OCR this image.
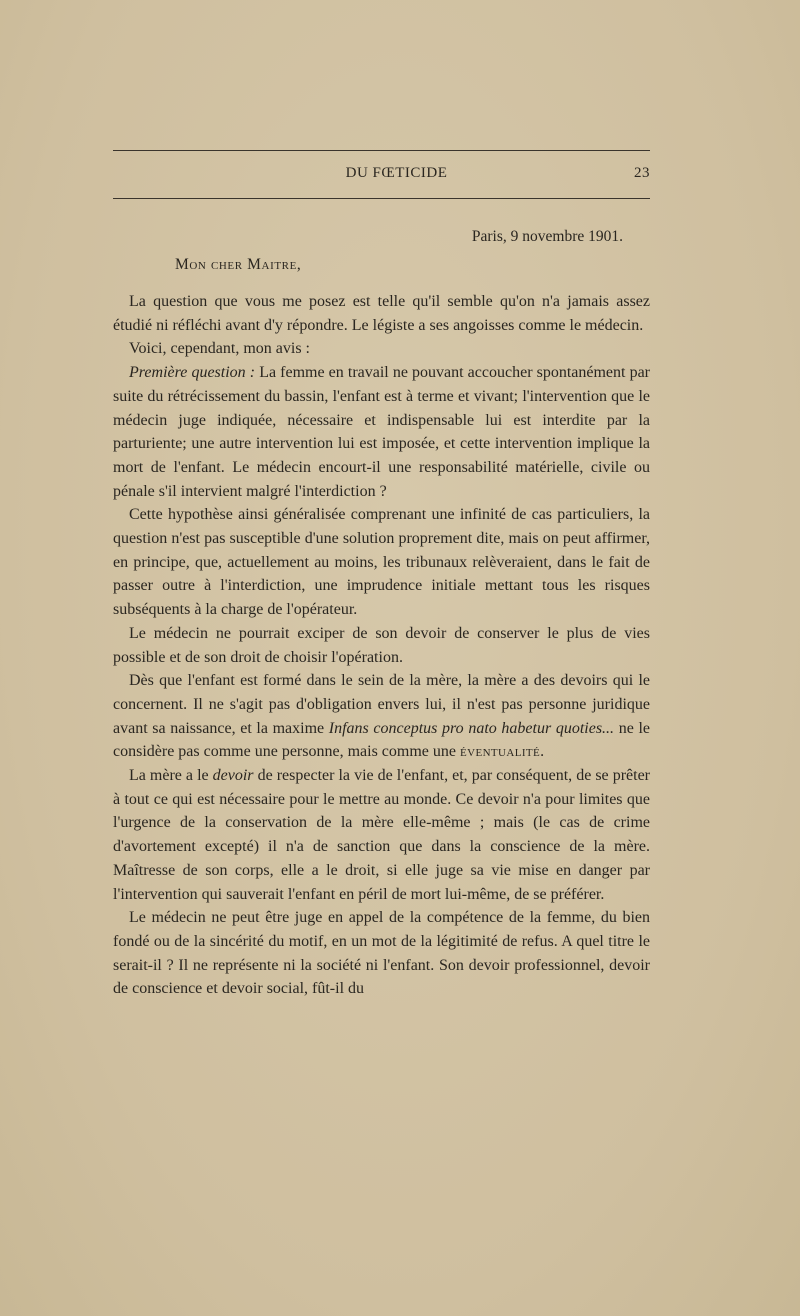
DU FŒTICIDE	23
Paris, 9 novembre 1901.
Mon cher Maitre,

La question que vous me posez est telle qu'il semble qu'on n'a jamais assez étudié ni réfléchi avant d'y répondre. Le légiste a ses angoisses comme le médecin.

Voici, cependant, mon avis :

Première question : La femme en travail ne pouvant accoucher spontanément par suite du rétrécissement du bassin, l'enfant est à terme et vivant; l'intervention que le médecin juge indiquée, nécessaire et indispensable lui est interdite par la parturiente; une autre intervention lui est imposée, et cette intervention implique la mort de l'enfant. Le médecin encourt-il une responsabilité matérielle, civile ou pénale s'il intervient malgré l'interdiction ?

Cette hypothèse ainsi généralisée comprenant une infinité de cas particuliers, la question n'est pas susceptible d'une solution proprement dite, mais on peut affirmer, en principe, que, actuellement au moins, les tribunaux relèveraient, dans le fait de passer outre à l'interdiction, une imprudence initiale mettant tous les risques subséquents à la charge de l'opérateur.

Le médecin ne pourrait exciper de son devoir de conserver le plus de vies possible et de son droit de choisir l'opération.

Dès que l'enfant est formé dans le sein de la mère, la mère a des devoirs qui le concernent. Il ne s'agit pas d'obligation envers lui, il n'est pas personne juridique avant sa naissance, et la maxime Infans conceptus pro nato habetur quoties... ne le considère pas comme une personne, mais comme une éventualité.

La mère a le devoir de respecter la vie de l'enfant, et, par conséquent, de se prêter à tout ce qui est nécessaire pour le mettre au monde. Ce devoir n'a pour limites que l'urgence de la conservation de la mère elle-même ; mais (le cas de crime d'avortement excepté) il n'a de sanction que dans la conscience de la mère. Maîtresse de son corps, elle a le droit, si elle juge sa vie mise en danger par l'intervention qui sauverait l'enfant en péril de mort lui-même, de se préférer.

Le médecin ne peut être juge en appel de la compétence de la femme, du bien fondé ou de la sincérité du motif, en un mot de la légitimité de refus. A quel titre le serait-il ? Il ne représente ni la société ni l'enfant. Son devoir professionnel, devoir de conscience et devoir social, fût-il du
